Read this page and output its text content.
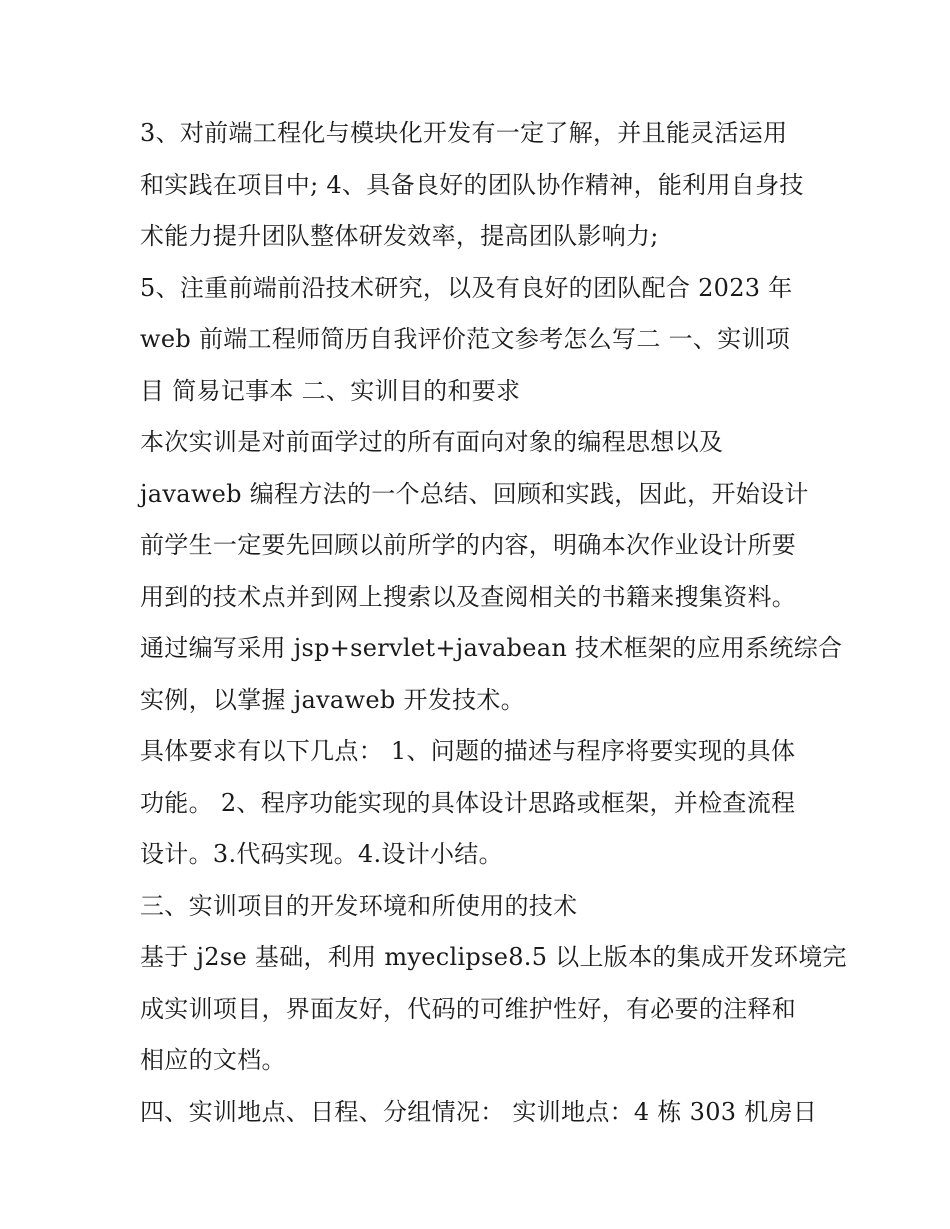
3、对前端工程化与模块化开发有一定了解，并且能灵活运用
和实践在项目中; 4、具备良好的团队协作精神，能利用自身技
术能力提升团队整体研发效率，提高团队影响力;
5、注重前端前沿技术研究，以及有良好的团队配合 2023 年
web 前端工程师简历自我评价范文参考怎么写二 一、实训项
目 简易记事本 二、实训目的和要求
本次实训是对前面学过的所有面向对象的编程思想以及
javaweb 编程方法的一个总结、回顾和实践，因此，开始设计
前学生一定要先回顾以前所学的内容，明确本次作业设计所要
用到的技术点并到网上搜索以及查阅相关的书籍来搜集资料。
通过编写采用 jsp+servlet+javabean 技术框架的应用系统综合
实例，以掌握 javaweb 开发技术。
具体要求有以下几点： 1、问题的描述与程序将要实现的具体
功能。 2、程序功能实现的具体设计思路或框架，并检查流程
设计。3.代码实现。4.设计小结。
三、实训项目的开发环境和所使用的技术
基于 j2se 基础，利用 myeclipse8.5 以上版本的集成开发环境完
成实训项目，界面友好，代码的可维护性好，有必要的注释和
相应的文档。
四、实训地点、日程、分组情况： 实训地点：4 栋 303 机房日
